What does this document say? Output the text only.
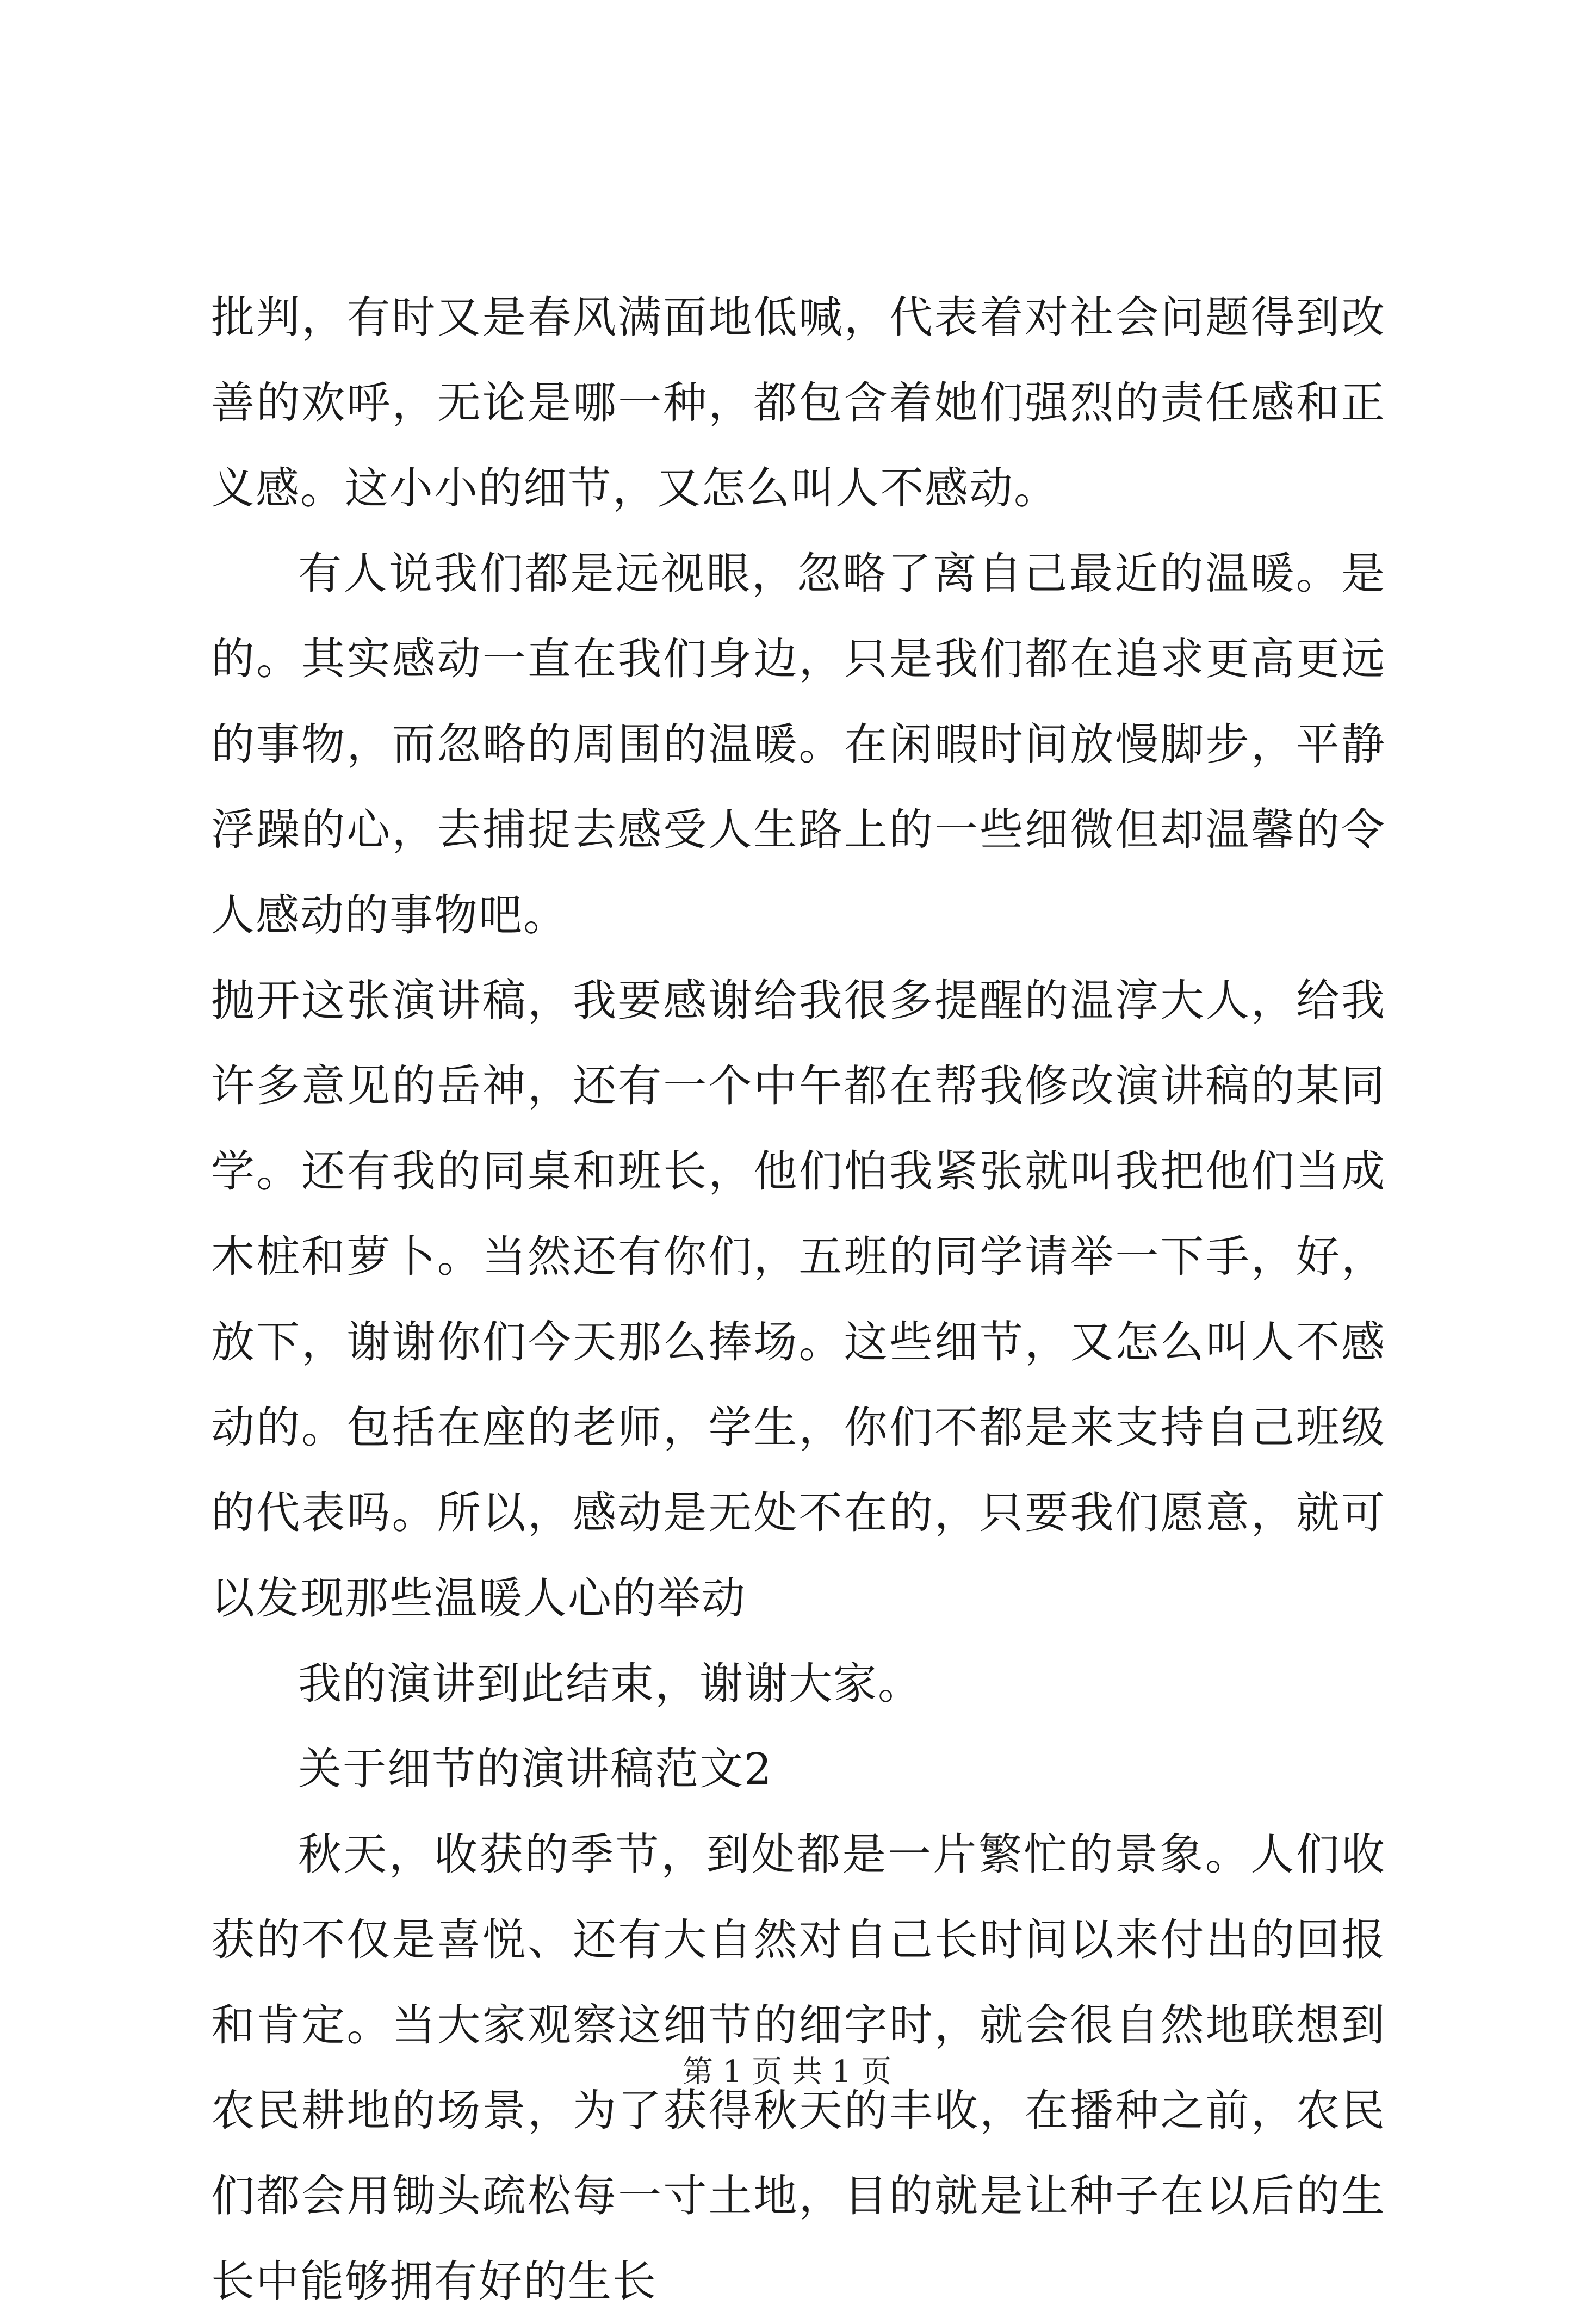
批判，有时又是春风满面地低喊，代表着对社会问题得到改善的欢呼，无论是哪一种，都包含着她们强烈的责任感和正义感。这小小的细节，又怎么叫人不感动。

有人说我们都是远视眼，忽略了离自己最近的温暖。是的。其实感动一直在我们身边，只是我们都在追求更高更远的事物，而忽略的周围的温暖。在闲暇时间放慢脚步，平静浮躁的心，去捕捉去感受人生路上的一些细微但却温馨的令人感动的事物吧。

抛开这张演讲稿，我要感谢给我很多提醒的温淳大人，给我许多意见的岳神，还有一个中午都在帮我修改演讲稿的某同学。还有我的同桌和班长，他们怕我紧张就叫我把他们当成木桩和萝卜。当然还有你们，五班的同学请举一下手，好，放下，谢谢你们今天那么捧场。这些细节，又怎么叫人不感动的。包括在座的老师，学生，你们不都是来支持自己班级的代表吗。所以，感动是无处不在的，只要我们愿意，就可以发现那些温暖人心的举动

我的演讲到此结束，谢谢大家。

关于细节的演讲稿范文2

秋天，收获的季节，到处都是一片繁忙的景象。人们收获的不仅是喜悦、还有大自然对自己长时间以来付出的回报和肯定。当大家观察这细节的细字时，就会很自然地联想到农民耕地的场景，为了获得秋天的丰收，在播种之前，农民们都会用锄头疏松每一寸土地，目的就是让种子在以后的生长中能够拥有好的生长

第 1 页 共 1 页
